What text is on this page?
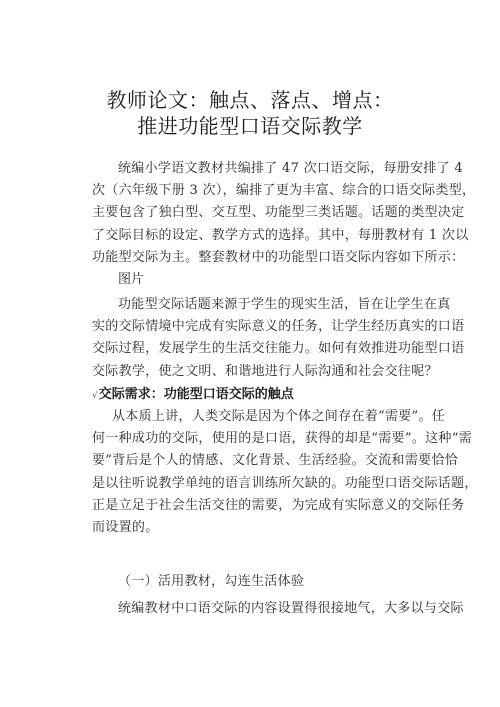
教师论文：触点、落点、增点：
推进功能型口语交际教学
统编小学语文教材共编排了 47 次口语交际，每册安排了 4
次（六年级下册 3 次），编排了更为丰富、综合的口语交际类型，
主要包含了独白型、交互型、功能型三类话题。话题的类型决定
了交际目标的设定、教学方式的选择。其中，每册教材有 1 次以
功能型交际为主。整套教材中的功能型口语交际内容如下所示：
图片
功能型交际话题来源于学生的现实生活，旨在让学生在真
实的交际情境中完成有实际意义的任务，让学生经历真实的口语
交际过程，发展学生的生活交往能力。如何有效推进功能型口语
交际教学，使之文明、和谐地进行人际沟通和社会交往呢？
√交际需求：功能型口语交际的触点
从本质上讲，人类交际是因为个体之间存在着“需要”。任
何一种成功的交际，使用的是口语，获得的却是“需要”。这种“需
要”背后是个人的情感、文化背景、生活经验。交流和需要恰恰
是以往听说教学单纯的语言训练所欠缺的。功能型口语交际话题，
正是立足于社会生活交往的需要，为完成有实际意义的交际任务
而设置的。
（一）活用教材，勾连生活体验
统编教材中口语交际的内容设置得很接地气，大多以与交际
